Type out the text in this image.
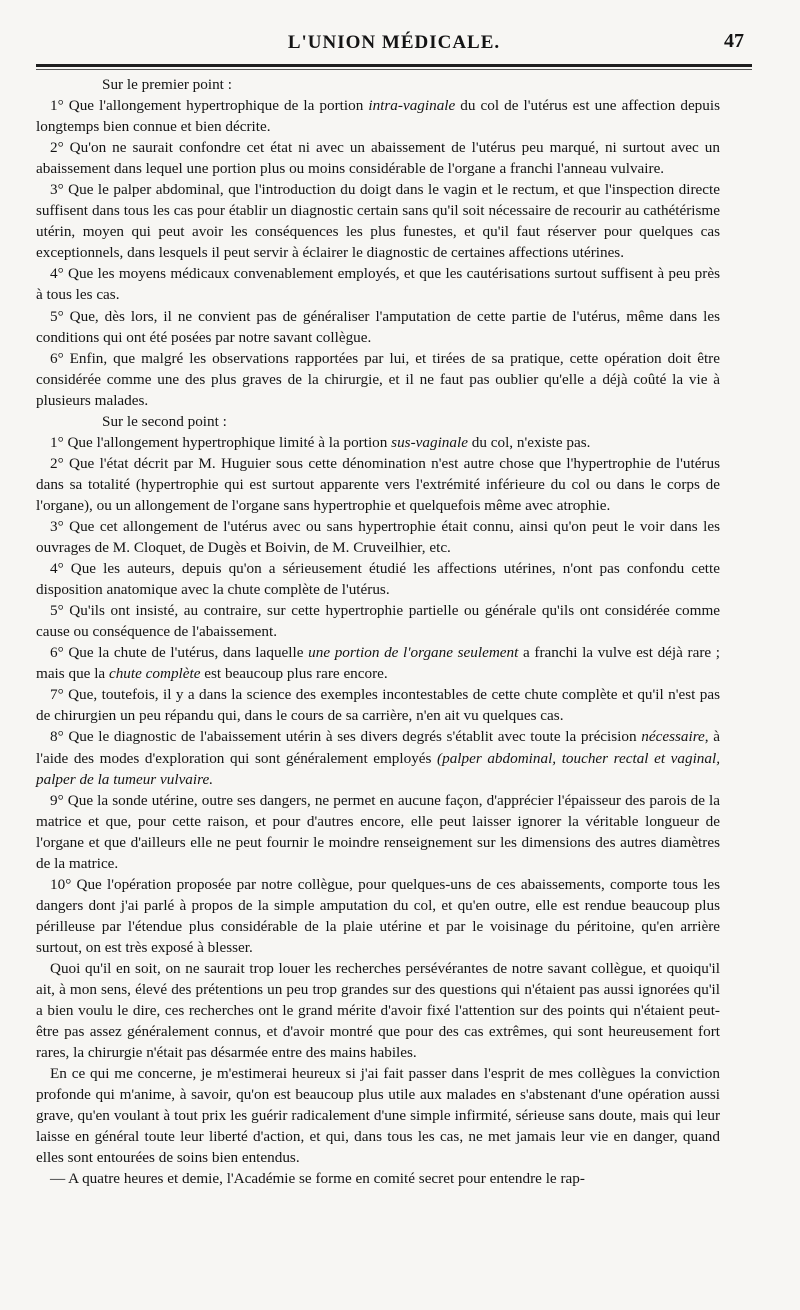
L'UNION MÉDICALE.	47

Sur le premier point :

1° Que l'allongement hypertrophique de la portion intra-vaginale du col de l'utérus est une affection depuis longtemps bien connue et bien décrite.

2° Qu'on ne saurait confondre cet état ni avec un abaissement de l'utérus peu marqué, ni surtout avec un abaissement dans lequel une portion plus ou moins considérable de l'organe a franchi l'anneau vulvaire.

3° Que le palper abdominal, que l'introduction du doigt dans le vagin et le rectum, et que l'inspection directe suffisent dans tous les cas pour établir un diagnostic certain sans qu'il soit nécessaire de recourir au cathétérisme utérin, moyen qui peut avoir les conséquences les plus funestes, et qu'il faut réserver pour quelques cas exceptionnels, dans lesquels il peut servir à éclairer le diagnostic de certaines affections utérines.

4° Que les moyens médicaux convenablement employés, et que les cautérisations surtout suffisent à peu près à tous les cas.

5° Que, dès lors, il ne convient pas de généraliser l'amputation de cette partie de l'utérus, même dans les conditions qui ont été posées par notre savant collègue.

6° Enfin, que malgré les observations rapportées par lui, et tirées de sa pratique, cette opération doit être considérée comme une des plus graves de la chirurgie, et il ne faut pas oublier qu'elle a déjà coûté la vie à plusieurs malades.

Sur le second point :

1° Que l'allongement hypertrophique limité à la portion sus-vaginale du col, n'existe pas.

2° Que l'état décrit par M. Huguier sous cette dénomination n'est autre chose que l'hypertrophie de l'utérus dans sa totalité (hypertrophie qui est surtout apparente vers l'extrémité inférieure du col ou dans le corps de l'organe), ou un allongement de l'organe sans hypertrophie et quelquefois même avec atrophie.

3° Que cet allongement de l'utérus avec ou sans hypertrophie était connu, ainsi qu'on peut le voir dans les ouvrages de M. Cloquet, de Dugès et Boivin, de M. Cruveilhier, etc.

4° Que les auteurs, depuis qu'on a sérieusement étudié les affections utérines, n'ont pas confondu cette disposition anatomique avec la chute complète de l'utérus.

5° Qu'ils ont insisté, au contraire, sur cette hypertrophie partielle ou générale qu'ils ont considérée comme cause ou conséquence de l'abaissement.

6° Que la chute de l'utérus, dans laquelle une portion de l'organe seulement a franchi la vulve est déjà rare ; mais que la chute complète est beaucoup plus rare encore.

7° Que, toutefois, il y a dans la science des exemples incontestables de cette chute complète et qu'il n'est pas de chirurgien un peu répandu qui, dans le cours de sa carrière, n'en ait vu quelques cas.

8° Que le diagnostic de l'abaissement utérin à ses divers degrés s'établit avec toute la précision nécessaire, à l'aide des modes d'exploration qui sont généralement employés (palper abdominal, toucher rectal et vaginal, palper de la tumeur vulvaire.

9° Que la sonde utérine, outre ses dangers, ne permet en aucune façon, d'apprécier l'épaisseur des parois de la matrice et que, pour cette raison, et pour d'autres encore, elle peut laisser ignorer la véritable longueur de l'organe et que d'ailleurs elle ne peut fournir le moindre renseignement sur les dimensions des autres diamètres de la matrice.

10° Que l'opération proposée par notre collègue, pour quelques-uns de ces abaissements, comporte tous les dangers dont j'ai parlé à propos de la simple amputation du col, et qu'en outre, elle est rendue beaucoup plus périlleuse par l'étendue plus considérable de la plaie utérine et par le voisinage du péritoine, qu'en arrière surtout, on est très exposé à blesser.

Quoi qu'il en soit, on ne saurait trop louer les recherches persévérantes de notre savant collègue, et quoiqu'il ait, à mon sens, élevé des prétentions un peu trop grandes sur des questions qui n'étaient pas aussi ignorées qu'il a bien voulu le dire, ces recherches ont le grand mérite d'avoir fixé l'attention sur des points qui n'étaient peut-être pas assez généralement connus, et d'avoir montré que pour des cas extrêmes, qui sont heureusement fort rares, la chirurgie n'était pas désarmée entre des mains habiles.

En ce qui me concerne, je m'estimerai heureux si j'ai fait passer dans l'esprit de mes collègues la conviction profonde qui m'anime, à savoir, qu'on est beaucoup plus utile aux malades en s'abstenant d'une opération aussi grave, qu'en voulant à tout prix les guérir radicalement d'une simple infirmité, sérieuse sans doute, mais qui leur laisse en général toute leur liberté d'action, et qui, dans tous les cas, ne met jamais leur vie en danger, quand elles sont entourées de soins bien entendus.

— A quatre heures et demie, l'Académie se forme en comité secret pour entendre le rap-
